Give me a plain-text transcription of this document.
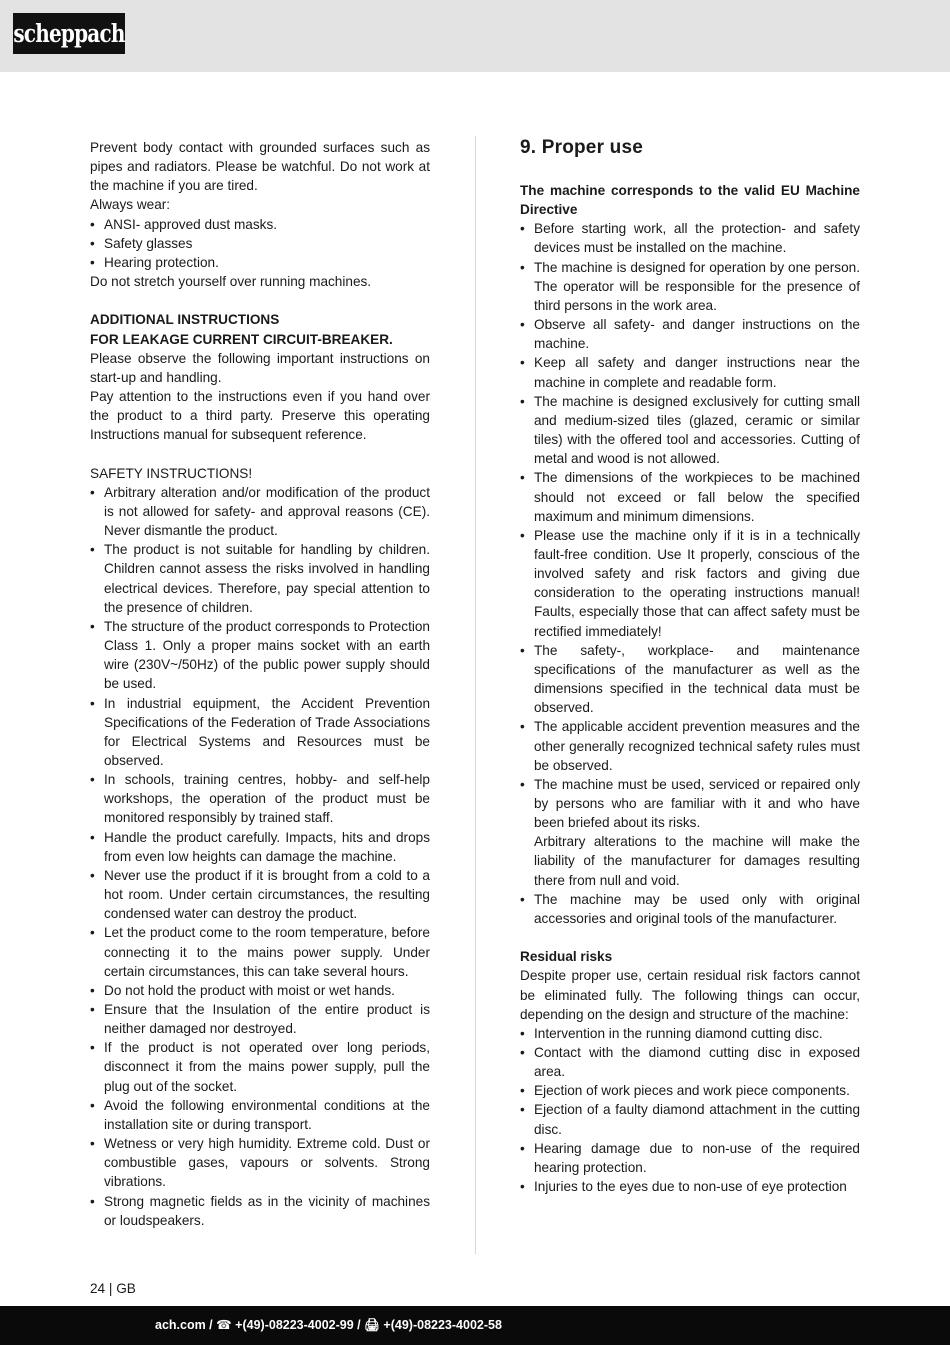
scheppach

Prevent body contact with grounded surfaces such as pipes and radiators. Please be watchful. Do not work at the machine if you are tired.

Always wear:

• ANSI- approved dust masks.
• Safety glasses
• Hearing protection.

Do not stretch yourself over running machines.

ADDITIONAL INSTRUCTIONS

FOR LEAKAGE CURRENT CIRCUIT-BREAKER.

Please observe the following important instructions on start-up and handling.

Pay attention to the instructions even if you hand over the product to a third party. Preserve this operating Instructions manual for subsequent reference.

SAFETY INSTRUCTIONS!

• Arbitrary alteration and/or modification of the product is not allowed for safety- and approval reasons (CE). Never dismantle the product.
• The product is not suitable for handling by children. Children cannot assess the risks involved in handling electrical devices. Therefore, pay special attention to the presence of children.
• The structure of the product corresponds to Protection Class 1. Only a proper mains socket with an earth wire (230V~/50Hz) of the public power supply should be used.
• In industrial equipment, the Accident Prevention Specifications of the Federation of Trade Associations for Electrical Systems and Resources must be observed.
• In schools, training centres, hobby- and self-help workshops, the operation of the product must be monitored responsibly by trained staff.
• Handle the product carefully. Impacts, hits and drops from even low heights can damage the machine.
• Never use the product if it is brought from a cold to a hot room. Under certain circumstances, the resulting condensed water can destroy the product.
• Let the product come to the room temperature, before connecting it to the mains power supply. Under certain circumstances, this can take several hours.
• Do not hold the product with moist or wet hands.
• Ensure that the Insulation of the entire product is neither damaged nor destroyed.
• If the product is not operated over long periods, disconnect it from the mains power supply, pull the plug out of the socket.
• Avoid the following environmental conditions at the installation site or during transport.
• Wetness or very high humidity. Extreme cold. Dust or combustible gases, vapours or solvents. Strong vibrations.
• Strong magnetic fields as in the vicinity of machines or loudspeakers.
9. Proper use

The machine corresponds to the valid EU Machine Directive

• Before starting work, all the protection- and safety devices must be installed on the machine.
• The machine is designed for operation by one person. The operator will be responsible for the presence of third persons in the work area.
• Observe all safety- and danger instructions on the machine.
• Keep all safety and danger instructions near the machine in complete and readable form.
• The machine is designed exclusively for cutting small and medium-sized tiles (glazed, ceramic or similar tiles) with the offered tool and accessories. Cutting of metal and wood is not allowed.
• The dimensions of the workpieces to be machined should not exceed or fall below the specified maximum and minimum dimensions.
• Please use the machine only if it is in a technically fault-free condition. Use It properly, conscious of the involved safety and risk factors and giving due consideration to the operating instructions manual! Faults, especially those that can affect safety must be rectified immediately!
• The safety-, workplace- and maintenance specifications of the manufacturer as well as the dimensions specified in the technical data must be observed.
• The applicable accident prevention measures and the other generally recognized technical safety rules must be observed.
• The machine must be used, serviced or repaired only by persons who are familiar with it and who have been briefed about its risks.

Arbitrary alterations to the machine will make the liability of the manufacturer for damages resulting there from null and void.

• The machine may be used only with original accessories and original tools of the manufacturer.

Residual risks

Despite proper use, certain residual risk factors cannot be eliminated fully. The following things can occur, depending on the design and structure of the machine:

• Intervention in the running diamond cutting disc.
• Contact with the diamond cutting disc in exposed area.
• Ejection of work pieces and work piece components.
• Ejection of a faulty diamond attachment in the cutting disc.
• Hearing damage due to non-use of the required hearing protection.
• Injuries to the eyes due to non-use of eye protection
24 | GB
ach.com / ☎ +(49)-08223-4002-99 / 🖨 +(49)-08223-4002-58
